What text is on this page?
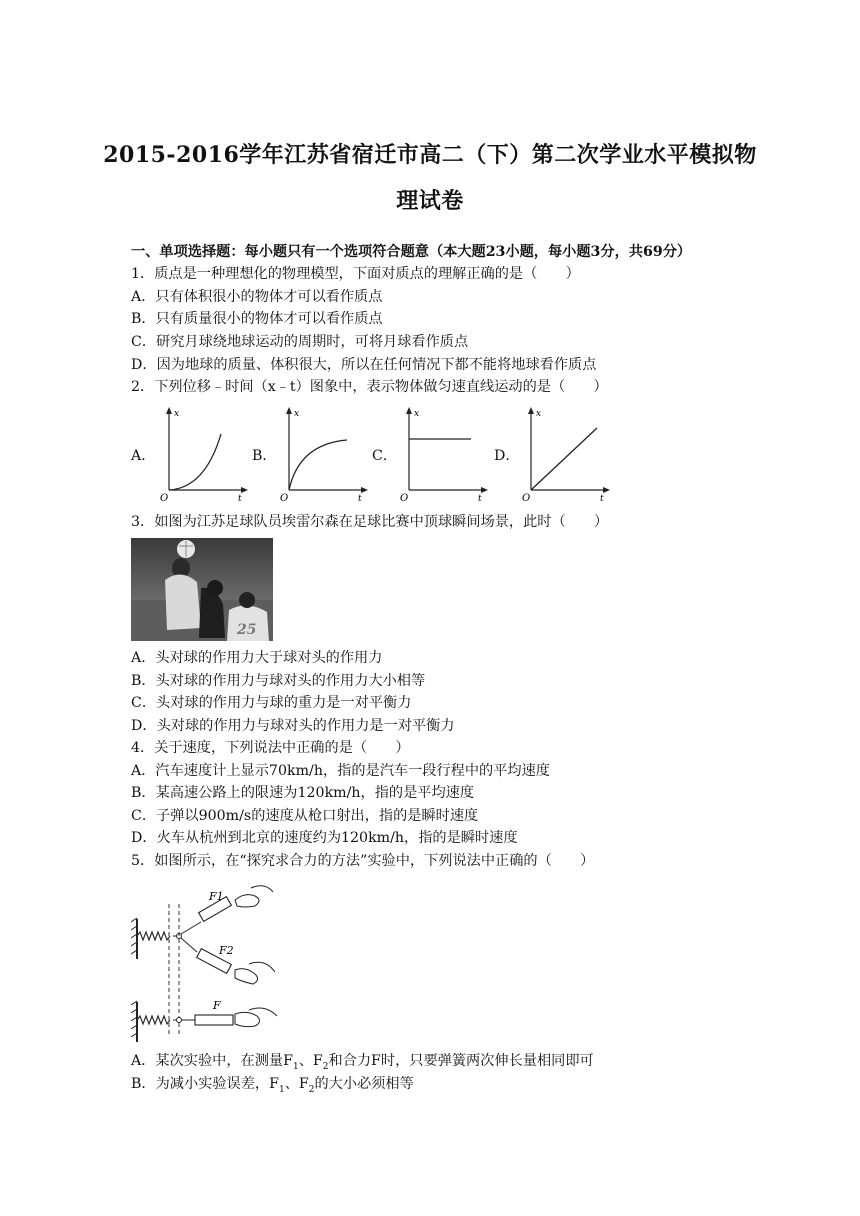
2015-2016学年江苏省宿迁市高二（下）第二次学业水平模拟物
理试卷
一、单项选择题：每小题只有一个选项符合题意（本大题23小题，每小题3分，共69分）
1．质点是一种理想化的物理模型，下面对质点的理解正确的是（　　）
A．只有体积很小的物体才可以看作质点
B．只有质量很小的物体才可以看作质点
C．研究月球绕地球运动的周期时，可将月球看作质点
D．因为地球的质量、体积很大，所以在任何情况下都不能将地球看作质点
2．下列位移﹣时间（x﹣t）图象中，表示物体做匀速直线运动的是（　　）
A．	B．	C．	D．
x
t
O
x
t
O
x
t
O
x
t
O
3．如图为江苏足球队员埃雷尔森在足球比赛中顶球瞬间场景，此时（　　）
25
A．头对球的作用力大于球对头的作用力
B．头对球的作用力与球对头的作用力大小相等
C．头对球的作用力与球的重力是一对平衡力
D．头对球的作用力与球对头的作用力是一对平衡力
4．关于速度，下列说法中正确的是（　　）
A．汽车速度计上显示70km/h，指的是汽车一段行程中的平均速度
B．某高速公路上的限速为120km/h，指的是平均速度
C．子弹以900m/s的速度从枪口射出，指的是瞬时速度
D．火车从杭州到北京的速度约为120km/h，指的是瞬时速度
5．如图所示，在“探究求合力的方法”实验中，下列说法中正确的（　　）
F1
F2
F
A．某次实验中，在测量$F_1$、$F_2$和合力F时，只要弹簧两次伸长量相同即可
B．为减小实验误差，$F_1$、$F_2$的大小必须相等
